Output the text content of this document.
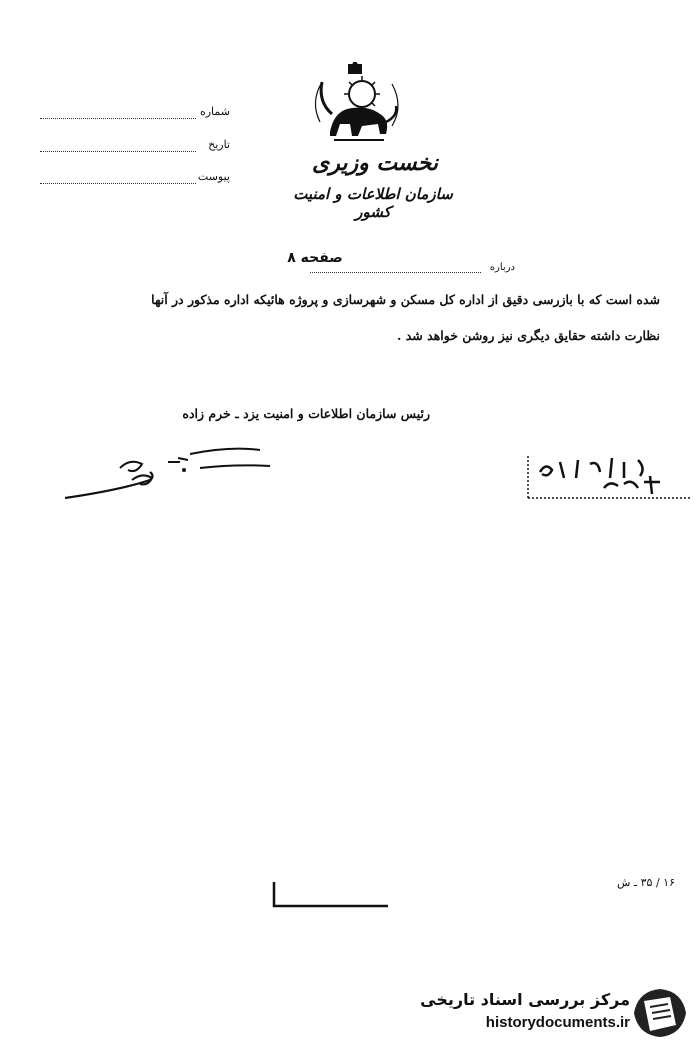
شماره
تاریخ
پیوست
نخست وزیری
سازمان اطلاعات و امنیت کشور
صفحه ۸
درباره
شده است که با بازرسی دقیق از اداره کل مسکن و شهرسازی و پروژه هائیکه اداره مذکور در آنها
نظارت داشته حقایق دیگری نیز روشن خواهد شد .
رئیس سازمان اطلاعات و امنیت یزد ـ خرم زاده
۱۶ / ۳۵ ـ ش
مرکز بررسی اسناد تاریخی
historydocuments.ir
